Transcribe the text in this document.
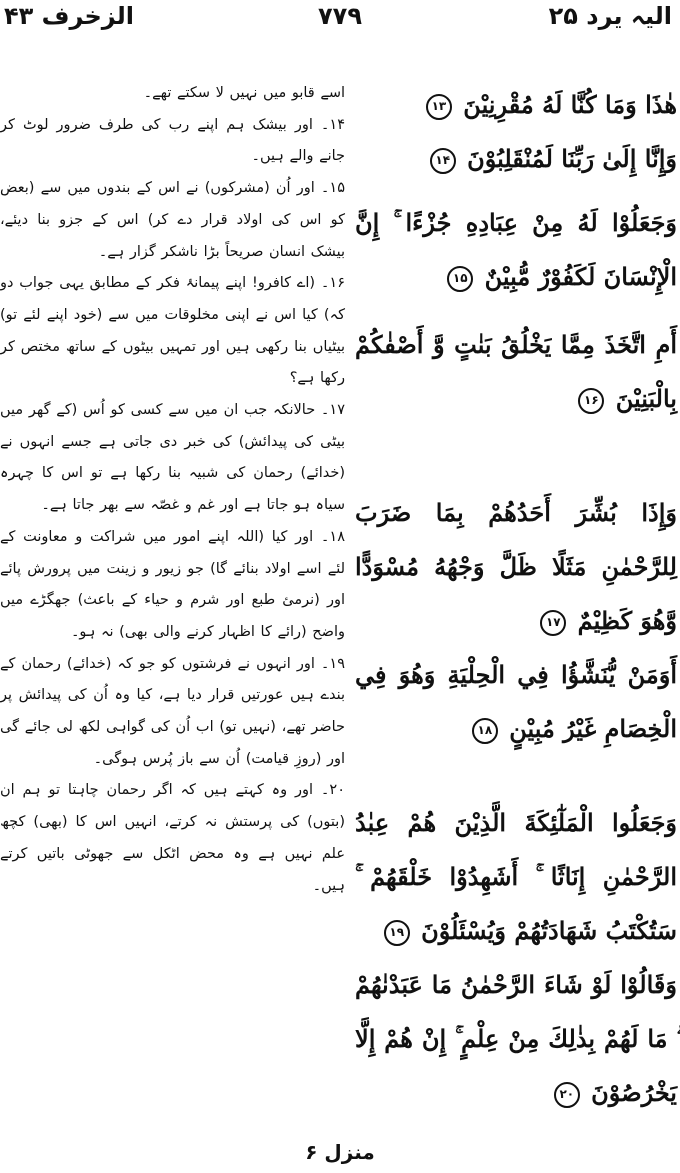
الزخرف ۴۳	۷۷۹	الیہ یرد ۲۵

اسے قابو میں نہیں لا سکتے تھے۔

۱۴۔ اور بیشک ہم اپنے رب کی طرف ضرور لوٹ کر جانے والے ہیں۔

۱۵۔ اور اُن (مشرکوں) نے اس کے بندوں میں سے (بعض کو اس کی اولاد قرار دے کر) اس کے جزو بنا دیئے، بیشک انسان صریحاً بڑا ناشکر گزار ہے۔

۱۶۔ (اے کافرو! اپنے پیمانۂ فکر کے مطابق یہی جواب دو کہ) کیا اس نے اپنی مخلوقات میں سے (خود اپنے لئے تو) بیٹیاں بنا رکھی ہیں اور تمہیں بیٹوں کے ساتھ مختص کر رکھا ہے؟

۱۷۔ حالانکہ جب ان میں سے کسی کو اُس (کے گھر میں بیٹی کی پیدائش) کی خبر دی جاتی ہے جسے انہوں نے (خدائے) رحمان کی شبیہ بنا رکھا ہے تو اس کا چہرہ سیاہ ہو جاتا ہے اور غم و غصّہ سے بھر جاتا ہے۔

۱۸۔ اور کیا (اللہ اپنے امور میں شراکت و معاونت کے لئے اسے اولاد بنائے گا) جو زیور و زینت میں پرورش پائے اور (نرمئ طبع اور شرم و حیاء کے باعث) جھگڑے میں واضح (رائے کا اظہار کرنے والی بھی) نہ ہو۔

۱۹۔ اور انہوں نے فرشتوں کو جو کہ (خدائے) رحمان کے بندے ہیں عورتیں قرار دیا ہے، کیا وہ اُن کی پیدائش پر حاضر تھے، (نہیں تو) اب اُن کی گواہی لکھ لی جائے گی اور (روزِ قیامت) اُن سے باز پُرس ہوگی۔

۲۰۔ اور وہ کہتے ہیں کہ اگر رحمان چاہتا تو ہم ان (بتوں) کی پرستش نہ کرتے، انہیں اس کا (بھی) کچھ علم نہیں ہے وہ محض اٹکل سے جھوٹی باتیں کرتے ہیں۔

هٰذَا وَمَا كُنَّا لَهُ مُقْرِنِيْنَ ۱۳

وَإِنَّا إِلَىٰ رَبِّنَا لَمُنْقَلِبُوْنَ ۱۴

وَجَعَلُوْا لَهُ مِنْ عِبَادِهِ جُزْءًا ۚ إِنَّ الْإِنْسَانَ لَكَفُوْرٌ مُّبِيْنٌ ۱۵

أَمِ اتَّخَذَ مِمَّا يَخْلُقُ بَنٰتٍ وَّ أَصْفٰكُمْ بِالْبَنِيْنَ ۱۶

وَإِذَا بُشِّرَ أَحَدُهُمْ بِمَا ضَرَبَ لِلرَّحْمٰنِ مَثَلًا ظَلَّ وَجْهُهُ مُسْوَدًّا وَّهُوَ كَظِيْمٌ ۱۷

أَوَمَنْ يُّنَشَّؤُا فِي الْحِلْيَةِ وَهُوَ فِي الْخِصَامِ غَيْرُ مُبِيْنٍ ۱۸

وَجَعَلُوا الْمَلٰٓئِكَةَ الَّذِيْنَ هُمْ عِبٰدُ الرَّحْمٰنِ إِنَاثًا ۚ أَشَهِدُوْا خَلْقَهُمْ ۚ سَتُكْتَبُ شَهَادَتُهُمْ وَيُسْئَلُوْنَ ۱۹

وَقَالُوْا لَوْ شَاءَ الرَّحْمٰنُ مَا عَبَدْنٰهُمْ ۗ مَا لَهُمْ بِذٰلِكَ مِنْ عِلْمٍ ۚ إِنْ هُمْ إِلَّا يَخْرُصُوْنَ ۲۰

منزل ۶
